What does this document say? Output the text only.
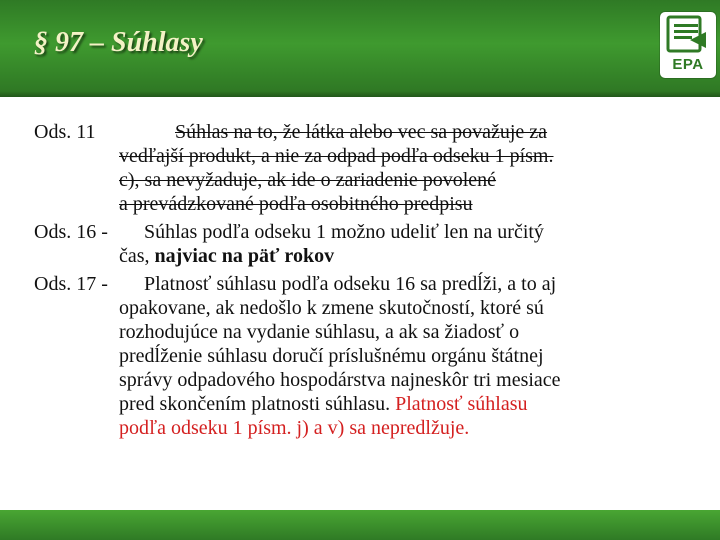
§ 97 – Súhlasy
EPA
Ods. 11	Súhlas na to, že látka alebo vec sa považuje za
vedľajší produkt, a nie za odpad podľa odseku 1 písm.
c), sa nevyžaduje, ak ide o zariadenie povolené
a prevádzkované podľa osobitného predpisu
Ods. 16 -	Súhlas podľa odseku 1 možno udeliť len na určitý
čas, najviac na päť rokov
Ods. 17 -	Platnosť súhlasu podľa odseku 16 sa predĺži, a to aj
opakovane, ak nedošlo k zmene skutočností, ktoré sú
rozhodujúce na vydanie súhlasu, a ak sa žiadosť o
predĺženie súhlasu doručí príslušnému orgánu štátnej
správy odpadového hospodárstva najneskôr tri mesiace
pred skončením platnosti súhlasu. Platnosť súhlasu
podľa odseku 1 písm. j) a v) sa nepredlžuje.
